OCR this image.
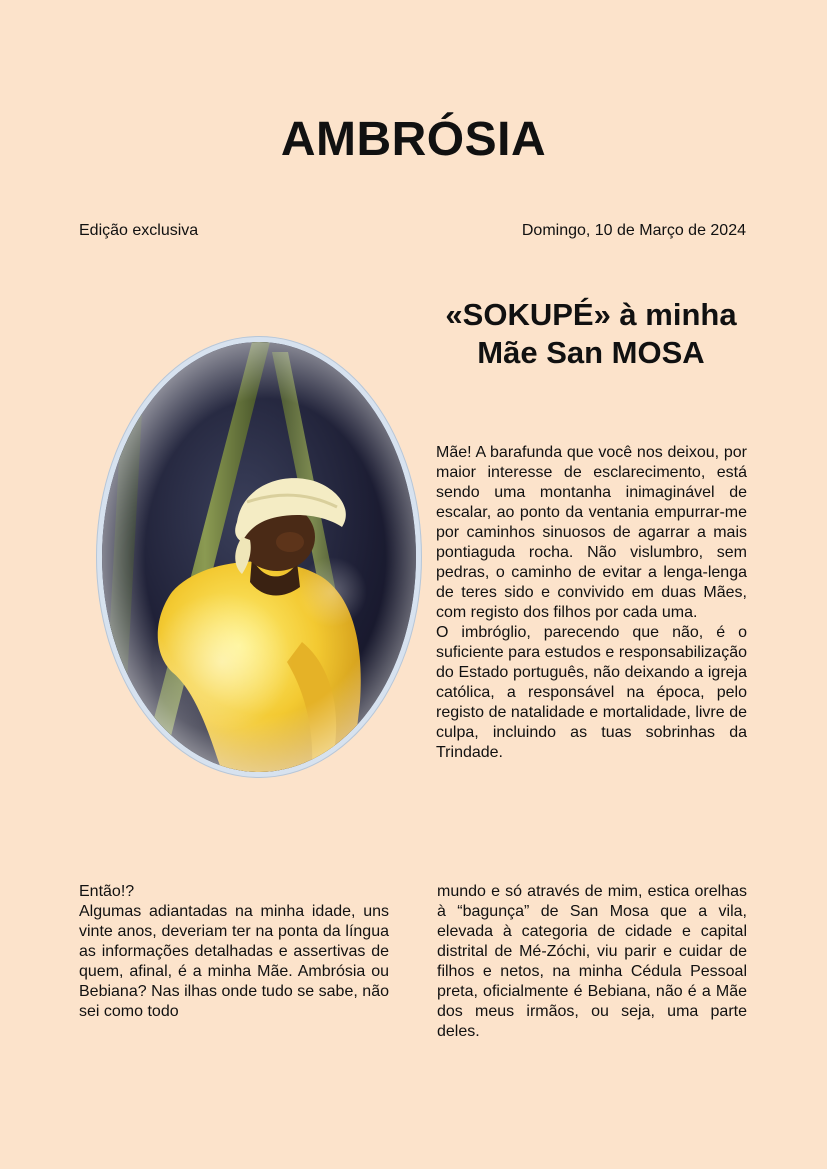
AMBRÓSIA
Edição exclusiva	Domingo, 10 de Março de 2024
«SOKUPÉ» à minha Mãe San MOSA

Mãe! A barafunda que você nos deixou, por maior interesse de esclarecimento, está sendo uma montanha inimaginável de escalar, ao ponto da ventania empurrar-me por caminhos sinuosos de agarrar a mais pontiaguda rocha. Não vislumbro, sem pedras, o caminho de evitar a lenga-lenga de teres sido e convivido em duas Mães, com registo dos filhos por cada uma.

O imbróglio, parecendo que não, é o suficiente para estudos e responsabilização do Estado português, não deixando a igreja católica, a responsável na época, pelo registo de natalidade e mortalidade, livre de culpa, incluindo as tuas sobrinhas da Trindade.

Então!?

Algumas adiantadas na minha idade, uns vinte anos, deveriam ter na ponta da língua as informações detalhadas e assertivas de quem, afinal, é a minha Mãe. Ambrósia ou Bebiana? Nas ilhas onde tudo se sabe, não sei como todo

mundo e só através de mim, estica orelhas à “bagunça” de San Mosa que a vila, elevada à categoria de cidade e capital distrital de Mé-Zóchi, viu parir e cuidar de filhos e netos, na minha Cédula Pessoal preta, oficialmente é Bebiana, não é a Mãe dos meus irmãos, ou seja, uma parte deles.
